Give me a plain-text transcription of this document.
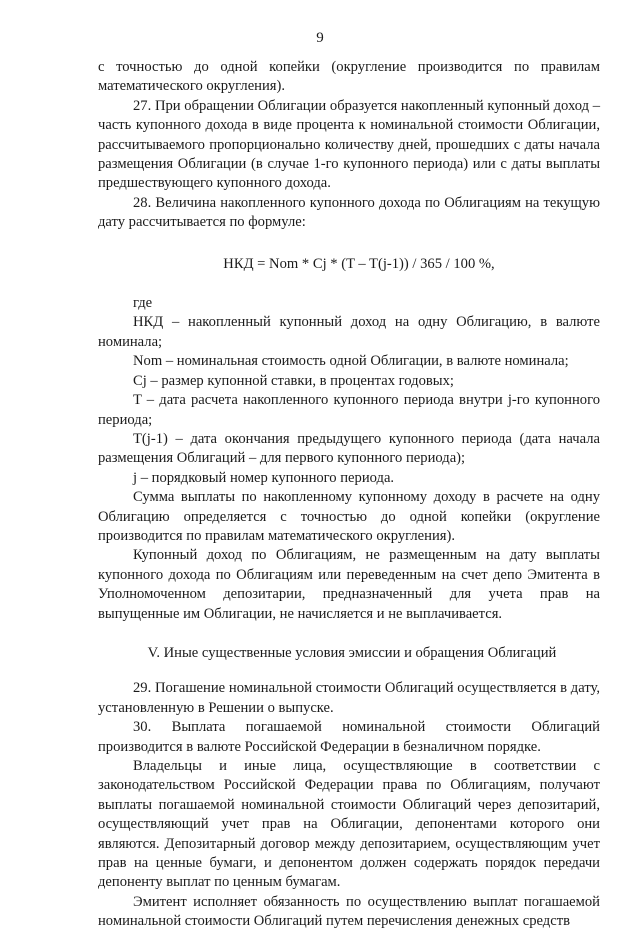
9

с точностью до одной копейки (округление производится по правилам математического округления).

27. При обращении Облигации образуется накопленный купонный доход – часть купонного дохода в виде процента к номинальной стоимости Облигации, рассчитываемого пропорционально количеству дней, прошедших с даты начала размещения Облигации (в случае 1-го купонного периода) или с даты выплаты предшествующего купонного дохода.

28. Величина накопленного купонного дохода по Облигациям на текущую дату рассчитывается по формуле:

НКД = Nom * Cj * (T – T(j-1)) / 365 / 100 %,

где

НКД – накопленный купонный доход на одну Облигацию, в валюте номинала;

Nom – номинальная стоимость одной Облигации, в валюте номинала;

Cj – размер купонной ставки, в процентах годовых;

T – дата расчета накопленного купонного периода внутри j-го купонного периода;

T(j-1) – дата окончания предыдущего купонного периода (дата начала размещения Облигаций – для первого купонного периода);

j – порядковый номер купонного периода.

Сумма выплаты по накопленному купонному доходу в расчете на одну Облигацию определяется с точностью до одной копейки (округление производится по правилам математического округления).

Купонный доход по Облигациям, не размещенным на дату выплаты купонного дохода по Облигациям или переведенным на счет депо Эмитента в Уполномоченном депозитарии, предназначенный для учета прав на выпущенные им Облигации, не начисляется и не выплачивается.

V. Иные существенные условия эмиссии и обращения Облигаций

29. Погашение номинальной стоимости Облигаций осуществляется в дату, установленную в Решении о выпуске.

30. Выплата погашаемой номинальной стоимости Облигаций производится в валюте Российской Федерации в безналичном порядке.

Владельцы и иные лица, осуществляющие в соответствии с законодательством Российской Федерации права по Облигациям, получают выплаты погашаемой номинальной стоимости Облигаций через депозитарий, осуществляющий учет прав на Облигации, депонентами которого они являются. Депозитарный договор между депозитарием, осуществляющим учет прав на ценные бумаги, и депонентом должен содержать порядок передачи депоненту выплат по ценным бумагам.

Эмитент исполняет обязанность по осуществлению выплат погашаемой номинальной стоимости Облигаций путем перечисления денежных средств
